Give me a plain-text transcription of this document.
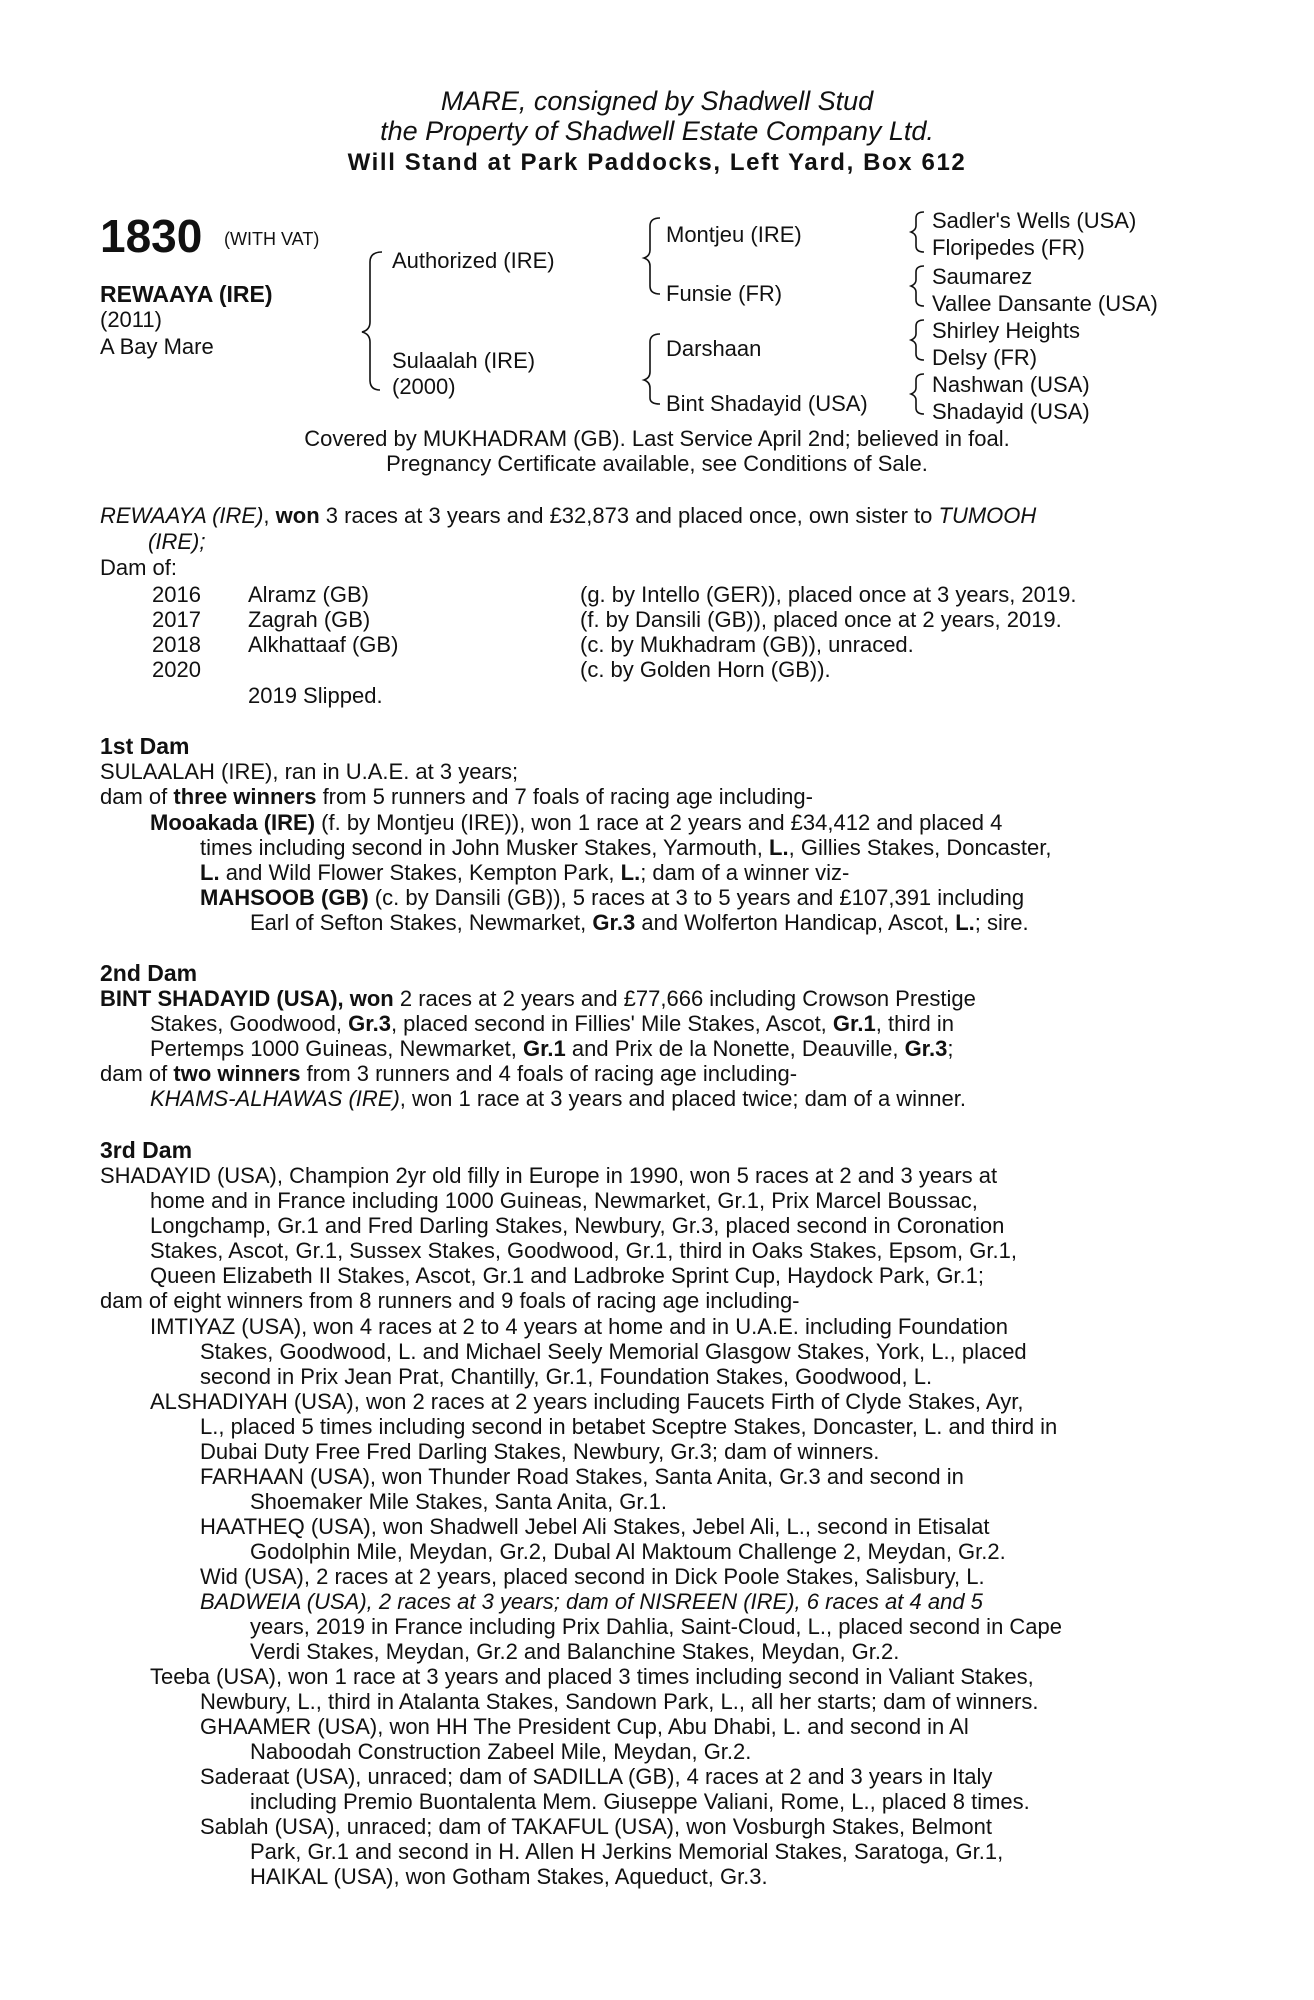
MARE, consigned by Shadwell Stud
the Property of Shadwell Estate Company Ltd.
Will Stand at Park Paddocks, Left Yard, Box 612
1830 (WITH VAT)
REWAAYA (IRE)
(2011)
A Bay Mare
Authorized (IRE)
Sulaalah (IRE)
(2000)
Montjeu (IRE)
Funsie (FR)
Darshaan
Bint Shadayid (USA)
Sadler's Wells (USA)
Floripedes (FR)
Saumarez
Vallee Dansante (USA)
Shirley Heights
Delsy (FR)
Nashwan (USA)
Shadayid (USA)
Covered by MUKHADRAM (GB). Last Service April 2nd; believed in foal.
Pregnancy Certificate available, see Conditions of Sale.
REWAAYA (IRE), won 3 races at 3 years and £32,873 and placed once, own sister to TUMOOH
(IRE);
Dam of:
2016 Alramz (GB)	(g. by Intello (GER)), placed once at 3 years, 2019.
2017 Zagrah (GB)	(f. by Dansili (GB)), placed once at 2 years, 2019.
2018 Alkhattaaf (GB)	(c. by Mukhadram (GB)), unraced.
2020	(c. by Golden Horn (GB)).
2019 Slipped.
1st Dam
SULAALAH (IRE), ran in U.A.E. at 3 years;
dam of three winners from 5 runners and 7 foals of racing age including-
Mooakada (IRE) (f. by Montjeu (IRE)), won 1 race at 2 years and £34,412 and placed 4
times including second in John Musker Stakes, Yarmouth, L., Gillies Stakes, Doncaster,
L. and Wild Flower Stakes, Kempton Park, L.; dam of a winner viz-
MAHSOOB (GB) (c. by Dansili (GB)), 5 races at 3 to 5 years and £107,391 including
Earl of Sefton Stakes, Newmarket, Gr.3 and Wolferton Handicap, Ascot, L.; sire.
2nd Dam
BINT SHADAYID (USA), won 2 races at 2 years and £77,666 including Crowson Prestige
Stakes, Goodwood, Gr.3, placed second in Fillies' Mile Stakes, Ascot, Gr.1, third in
Pertemps 1000 Guineas, Newmarket, Gr.1 and Prix de la Nonette, Deauville, Gr.3;
dam of two winners from 3 runners and 4 foals of racing age including-
KHAMS-ALHAWAS (IRE), won 1 race at 3 years and placed twice; dam of a winner.
3rd Dam
SHADAYID (USA), Champion 2yr old filly in Europe in 1990, won 5 races at 2 and 3 years at
home and in France including 1000 Guineas, Newmarket, Gr.1, Prix Marcel Boussac,
Longchamp, Gr.1 and Fred Darling Stakes, Newbury, Gr.3, placed second in Coronation
Stakes, Ascot, Gr.1, Sussex Stakes, Goodwood, Gr.1, third in Oaks Stakes, Epsom, Gr.1,
Queen Elizabeth II Stakes, Ascot, Gr.1 and Ladbroke Sprint Cup, Haydock Park, Gr.1;
dam of eight winners from 8 runners and 9 foals of racing age including-
IMTIYAZ (USA), won 4 races at 2 to 4 years at home and in U.A.E. including Foundation
Stakes, Goodwood, L. and Michael Seely Memorial Glasgow Stakes, York, L., placed
second in Prix Jean Prat, Chantilly, Gr.1, Foundation Stakes, Goodwood, L.
ALSHADIYAH (USA), won 2 races at 2 years including Faucets Firth of Clyde Stakes, Ayr,
L., placed 5 times including second in betabet Sceptre Stakes, Doncaster, L. and third in
Dubai Duty Free Fred Darling Stakes, Newbury, Gr.3; dam of winners.
FARHAAN (USA), won Thunder Road Stakes, Santa Anita, Gr.3 and second in
Shoemaker Mile Stakes, Santa Anita, Gr.1.
HAATHEQ (USA), won Shadwell Jebel Ali Stakes, Jebel Ali, L., second in Etisalat
Godolphin Mile, Meydan, Gr.2, Dubal Al Maktoum Challenge 2, Meydan, Gr.2.
Wid (USA), 2 races at 2 years, placed second in Dick Poole Stakes, Salisbury, L.
BADWEIA (USA), 2 races at 3 years; dam of NISREEN (IRE), 6 races at 4 and 5
years, 2019 in France including Prix Dahlia, Saint-Cloud, L., placed second in Cape
Verdi Stakes, Meydan, Gr.2 and Balanchine Stakes, Meydan, Gr.2.
Teeba (USA), won 1 race at 3 years and placed 3 times including second in Valiant Stakes,
Newbury, L., third in Atalanta Stakes, Sandown Park, L., all her starts; dam of winners.
GHAAMER (USA), won HH The President Cup, Abu Dhabi, L. and second in Al
Naboodah Construction Zabeel Mile, Meydan, Gr.2.
Saderaat (USA), unraced; dam of SADILLA (GB), 4 races at 2 and 3 years in Italy
including Premio Buontalenta Mem. Giuseppe Valiani, Rome, L., placed 8 times.
Sablah (USA), unraced; dam of TAKAFUL (USA), won Vosburgh Stakes, Belmont
Park, Gr.1 and second in H. Allen H Jerkins Memorial Stakes, Saratoga, Gr.1,
HAIKAL (USA), won Gotham Stakes, Aqueduct, Gr.3.
